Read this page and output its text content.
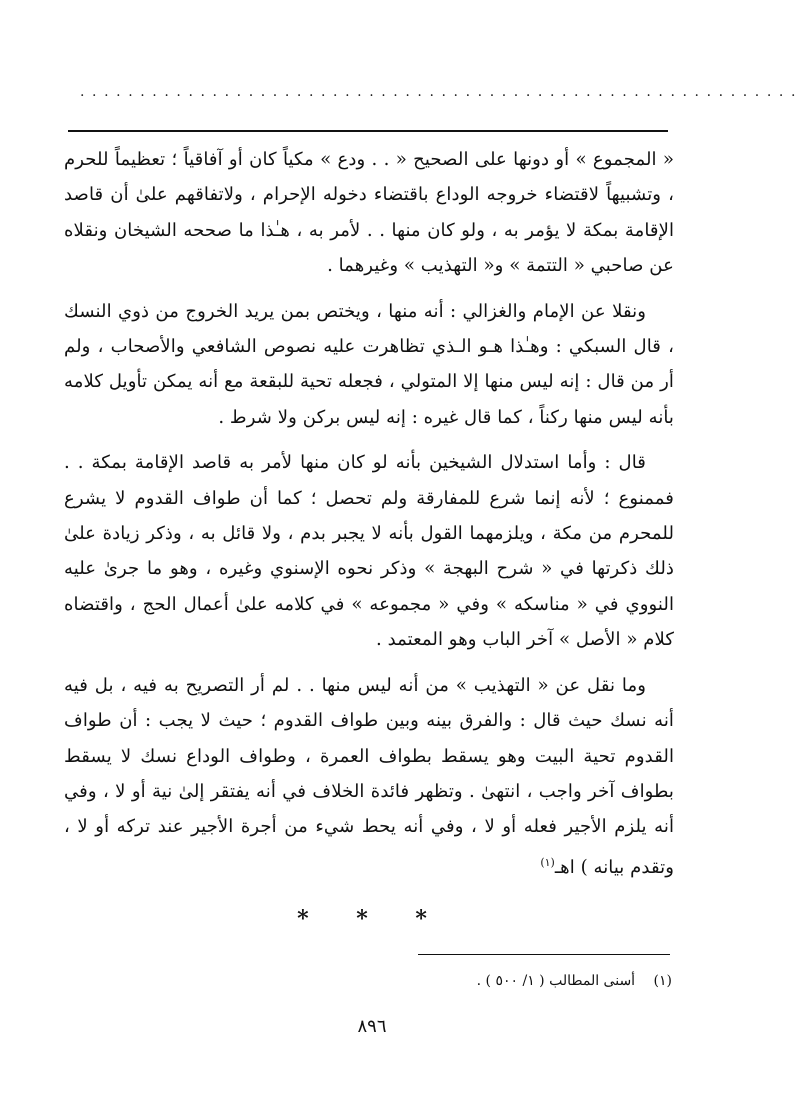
............................................................

« المجموع » أو دونها على الصحيح « . . ودع » مكياً كان أو آفاقياً ؛ تعظيماً للحرم ، وتشبيهاً لاقتضاء خروجه الوداع باقتضاء دخوله الإحرام ، ولاتفاقهم علىٰ أن قاصد الإقامة بمكة لا يؤمر به ، ولو كان منها . . لأمر به ، هـٰذا ما صححه الشيخان ونقلاه عن صاحبي « التتمة » و« التهذيب » وغيرهما .

ونقلا عن الإمام والغزالي : أنه منها ، ويختص بمن يريد الخروج من ذوي النسك ، قال السبكي : وهـٰذا هـو الـذي تظاهرت عليه نصوص الشافعي والأصحاب ، ولم أر من قال : إنه ليس منها إلا المتولي ، فجعله تحية للبقعة مع أنه يمكن تأويل كلامه بأنه ليس منها ركناً ، كما قال غيره : إنه ليس بركن ولا شرط .

قال : وأما استدلال الشيخين بأنه لو كان منها لأمر به قاصد الإقامة بمكة . . فممنوع ؛ لأنه إنما شرع للمفارقة ولم تحصل ؛ كما أن طواف القدوم لا يشرع للمحرم من مكة ، ويلزمهما القول بأنه لا يجبر بدم ، ولا قائل به ، وذكر زيادة علىٰ ذلك ذكرتها في « شرح البهجة » وذكر نحوه الإسنوي وغيره ، وهو ما جرىٰ عليه النووي في « مناسكه » وفي « مجموعه » في كلامه علىٰ أعمال الحج ، واقتضاه كلام « الأصل » آخر الباب وهو المعتمد .

وما نقل عن « التهذيب » من أنه ليس منها . . لم أر التصريح به فيه ، بل فيه أنه نسك حيث قال : والفرق بينه وبين طواف القدوم ؛ حيث لا يجب : أن طواف القدوم تحية البيت وهو يسقط بطواف العمرة ، وطواف الوداع نسك لا يسقط بطواف آخر واجب ، انتهىٰ . وتظهر فائدة الخلاف في أنه يفتقر إلىٰ نية أو لا ، وفي أنه يلزم الأجير فعله أو لا ، وفي أنه يحط شيء من أجرة الأجير عند تركه أو لا ، وتقدم بيانه ) اهـ$^{(١)}$

* * *
(١) أسنى المطالب ( ١/ ٥٠٠ ) .
٨٩٦
